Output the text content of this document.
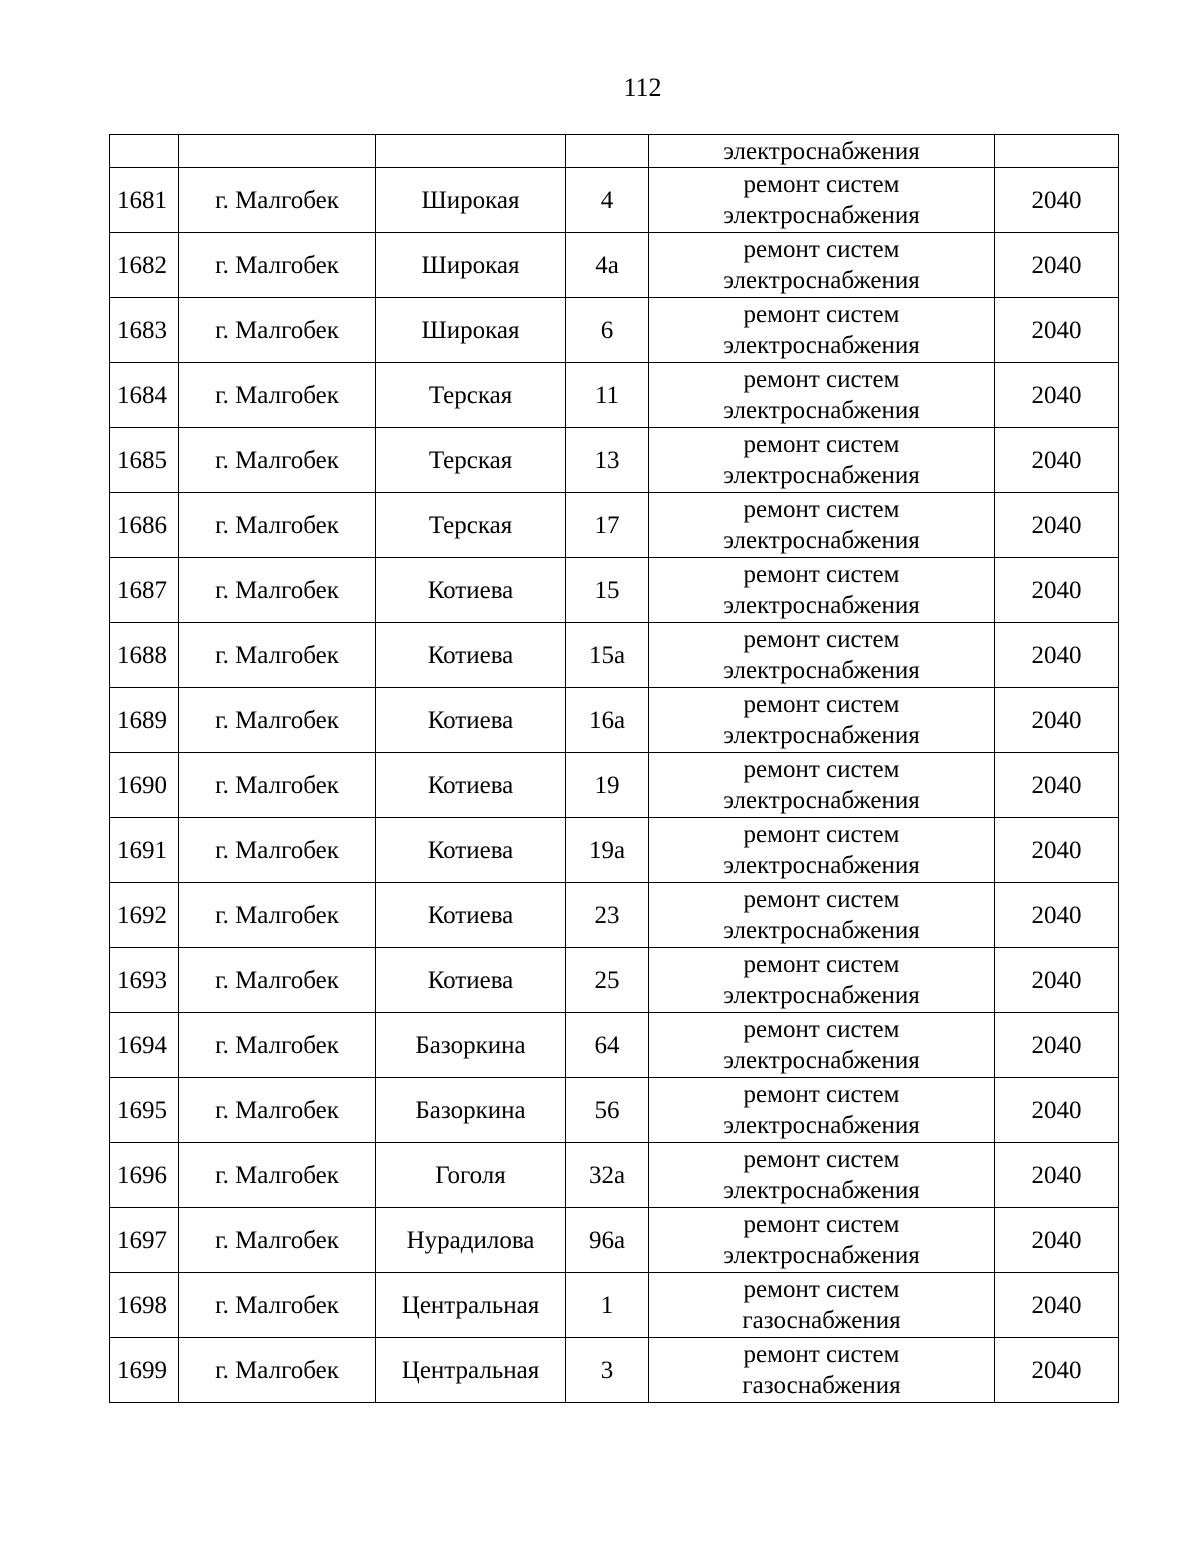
112
				электроснабжения	
1681	г. Малгобек	Широкая	4	ремонт систем
электроснабжения	2040
1682	г. Малгобек	Широкая	4а	ремонт систем
электроснабжения	2040
1683	г. Малгобек	Широкая	6	ремонт систем
электроснабжения	2040
1684	г. Малгобек	Терская	11	ремонт систем
электроснабжения	2040
1685	г. Малгобек	Терская	13	ремонт систем
электроснабжения	2040
1686	г. Малгобек	Терская	17	ремонт систем
электроснабжения	2040
1687	г. Малгобек	Котиева	15	ремонт систем
электроснабжения	2040
1688	г. Малгобек	Котиева	15а	ремонт систем
электроснабжения	2040
1689	г. Малгобек	Котиева	16а	ремонт систем
электроснабжения	2040
1690	г. Малгобек	Котиева	19	ремонт систем
электроснабжения	2040
1691	г. Малгобек	Котиева	19а	ремонт систем
электроснабжения	2040
1692	г. Малгобек	Котиева	23	ремонт систем
электроснабжения	2040
1693	г. Малгобек	Котиева	25	ремонт систем
электроснабжения	2040
1694	г. Малгобек	Базоркина	64	ремонт систем
электроснабжения	2040
1695	г. Малгобек	Базоркина	56	ремонт систем
электроснабжения	2040
1696	г. Малгобек	Гоголя	32а	ремонт систем
электроснабжения	2040
1697	г. Малгобек	Нурадилова	96а	ремонт систем
электроснабжения	2040
1698	г. Малгобек	Центральная	1	ремонт систем
газоснабжения	2040
1699	г. Малгобек	Центральная	3	ремонт систем
газоснабжения	2040
